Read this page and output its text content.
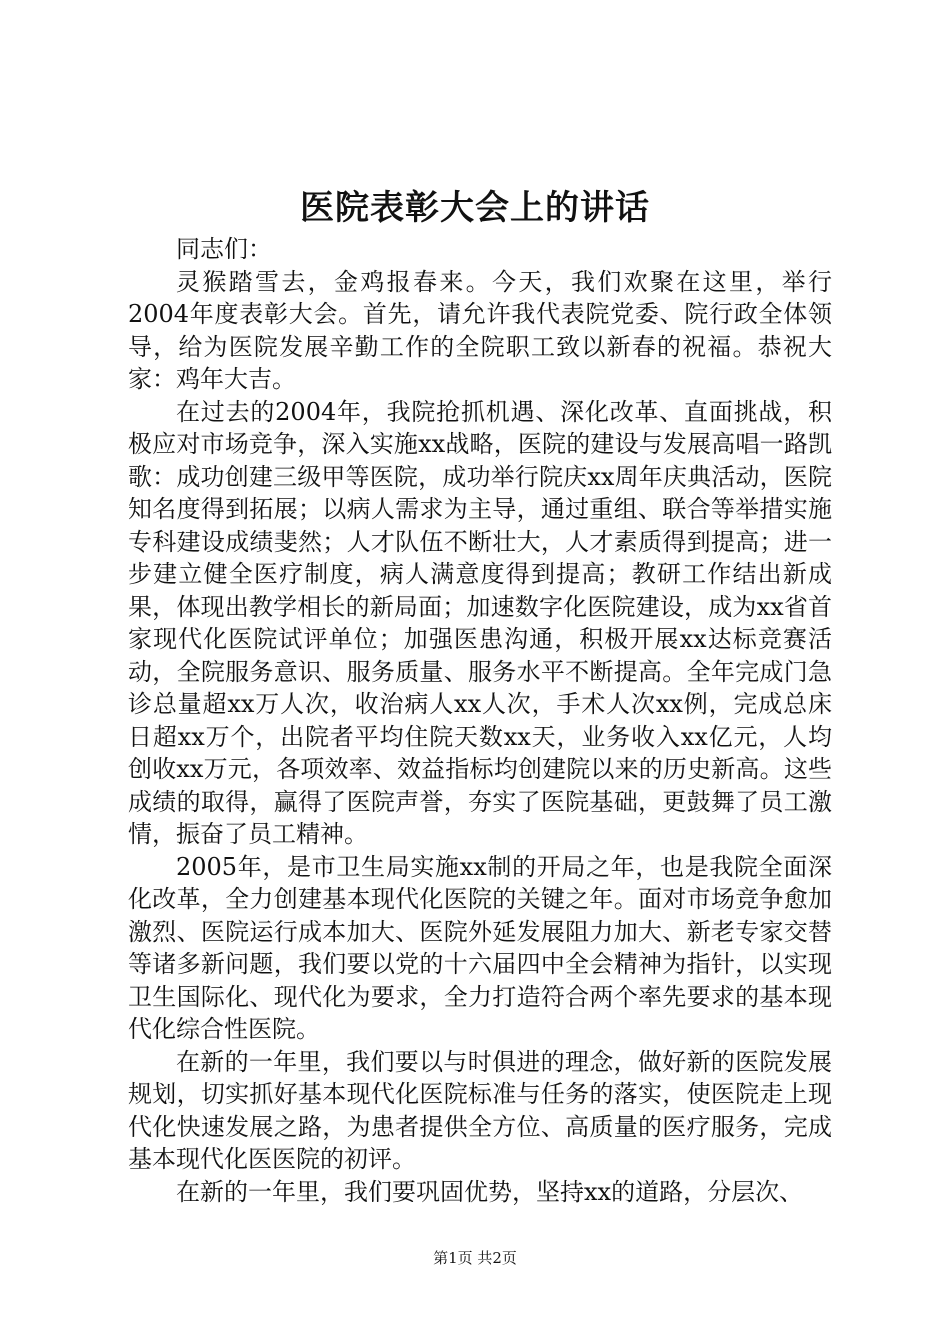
医院表彰大会上的讲话

同志们：

灵猴踏雪去，金鸡报春来。今天，我们欢聚在这里，举行2004年度表彰大会。首先，请允许我代表院党委、院行政全体领导，给为医院发展辛勤工作的全院职工致以新春的祝福。恭祝大家：鸡年大吉。

在过去的2004年，我院抢抓机遇、深化改革、直面挑战，积极应对市场竞争，深入实施xx战略，医院的建设与发展高唱一路凯歌：成功创建三级甲等医院，成功举行院庆xx周年庆典活动，医院知名度得到拓展；以病人需求为主导，通过重组、联合等举措实施专科建设成绩斐然；人才队伍不断壮大，人才素质得到提高；进一步建立健全医疗制度，病人满意度得到提高；教研工作结出新成果，体现出教学相长的新局面；加速数字化医院建设，成为xx省首家现代化医院试评单位；加强医患沟通，积极开展xx达标竞赛活动，全院服务意识、服务质量、服务水平不断提高。全年完成门急诊总量超xx万人次，收治病人xx人次，手术人次xx例，完成总床日超xx万个，出院者平均住院天数xx天，业务收入xx亿元，人均创收xx万元，各项效率、效益指标均创建院以来的历史新高。这些成绩的取得，赢得了医院声誉，夯实了医院基础，更鼓舞了员工激情，振奋了员工精神。

2005年，是市卫生局实施xx制的开局之年，也是我院全面深化改革，全力创建基本现代化医院的关键之年。面对市场竞争愈加激烈、医院运行成本加大、医院外延发展阻力加大、新老专家交替等诸多新问题，我们要以党的十六届四中全会精神为指针，以实现卫生国际化、现代化为要求，全力打造符合两个率先要求的基本现代化综合性医院。

在新的一年里，我们要以与时俱进的理念，做好新的医院发展规划，切实抓好基本现代化医院标准与任务的落实，使医院走上现代化快速发展之路，为患者提供全方位、高质量的医疗服务，完成基本现代化医医院的初评。

在新的一年里，我们要巩固优势，坚持xx的道路，分层次、

第1页 共2页
